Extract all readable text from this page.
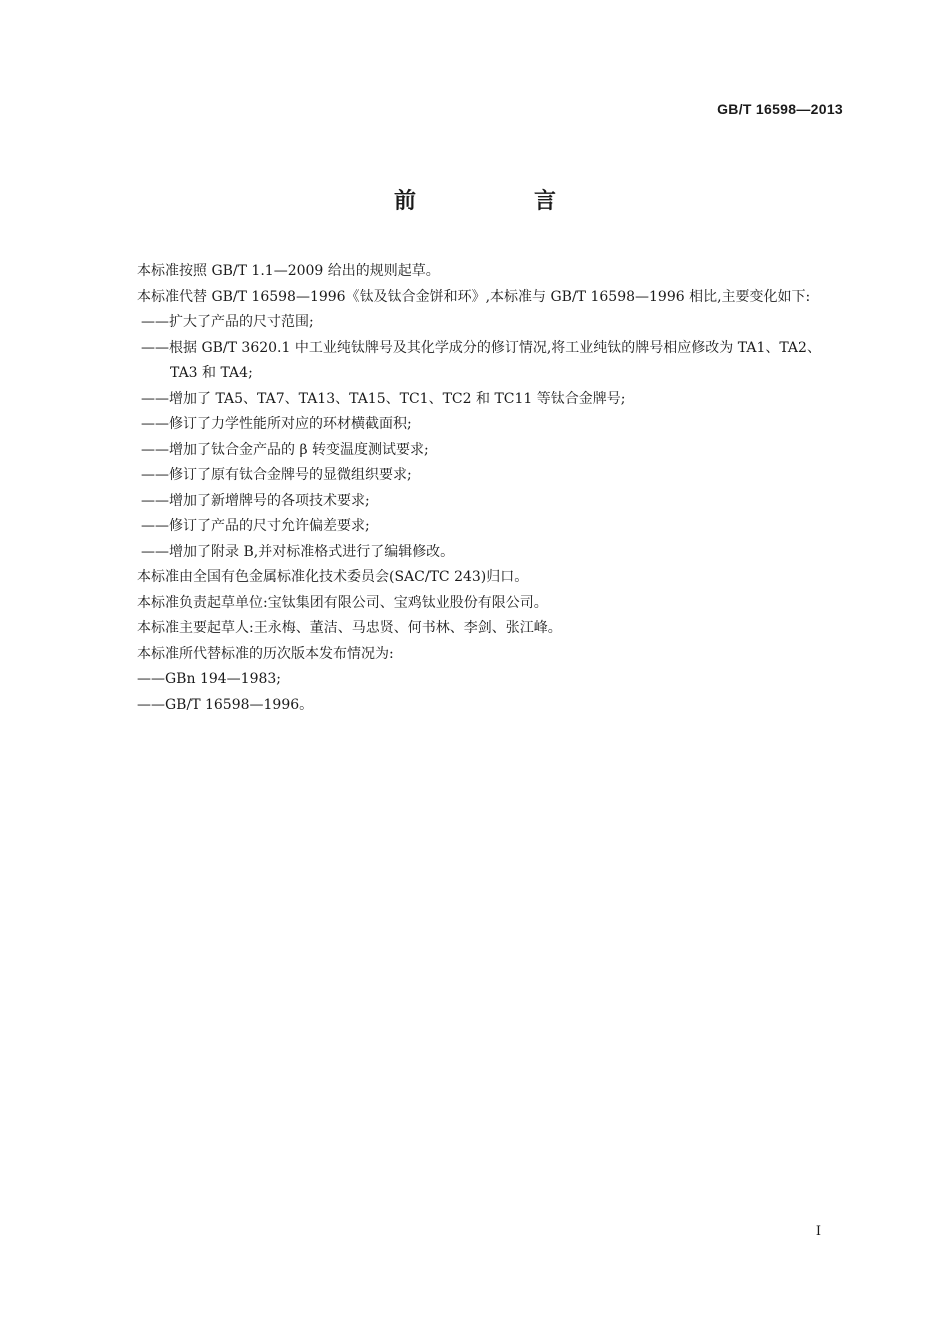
GB/T 16598—2013
前　言

本标准按照 GB/T 1.1—2009 给出的规则起草。

本标准代替 GB/T 16598—1996《钛及钛合金饼和环》,本标准与 GB/T 16598—1996 相比,主要变化如下:

——扩大了产品的尺寸范围;

——根据 GB/T 3620.1 中工业纯钛牌号及其化学成分的修订情况,将工业纯钛的牌号相应修改为 TA1、TA2、TA3 和 TA4;

——增加了 TA5、TA7、TA13、TA15、TC1、TC2 和 TC11 等钛合金牌号;

——修订了力学性能所对应的环材横截面积;

——增加了钛合金产品的 β 转变温度测试要求;

——修订了原有钛合金牌号的显微组织要求;

——增加了新增牌号的各项技术要求;

——修订了产品的尺寸允许偏差要求;

——增加了附录 B,并对标准格式进行了编辑修改。

本标准由全国有色金属标准化技术委员会(SAC/TC 243)归口。

本标准负责起草单位:宝钛集团有限公司、宝鸡钛业股份有限公司。

本标准主要起草人:王永梅、董洁、马忠贤、何书林、李剑、张江峰。

本标准所代替标准的历次版本发布情况为:

——GBn 194—1983;

——GB/T 16598—1996。

I
